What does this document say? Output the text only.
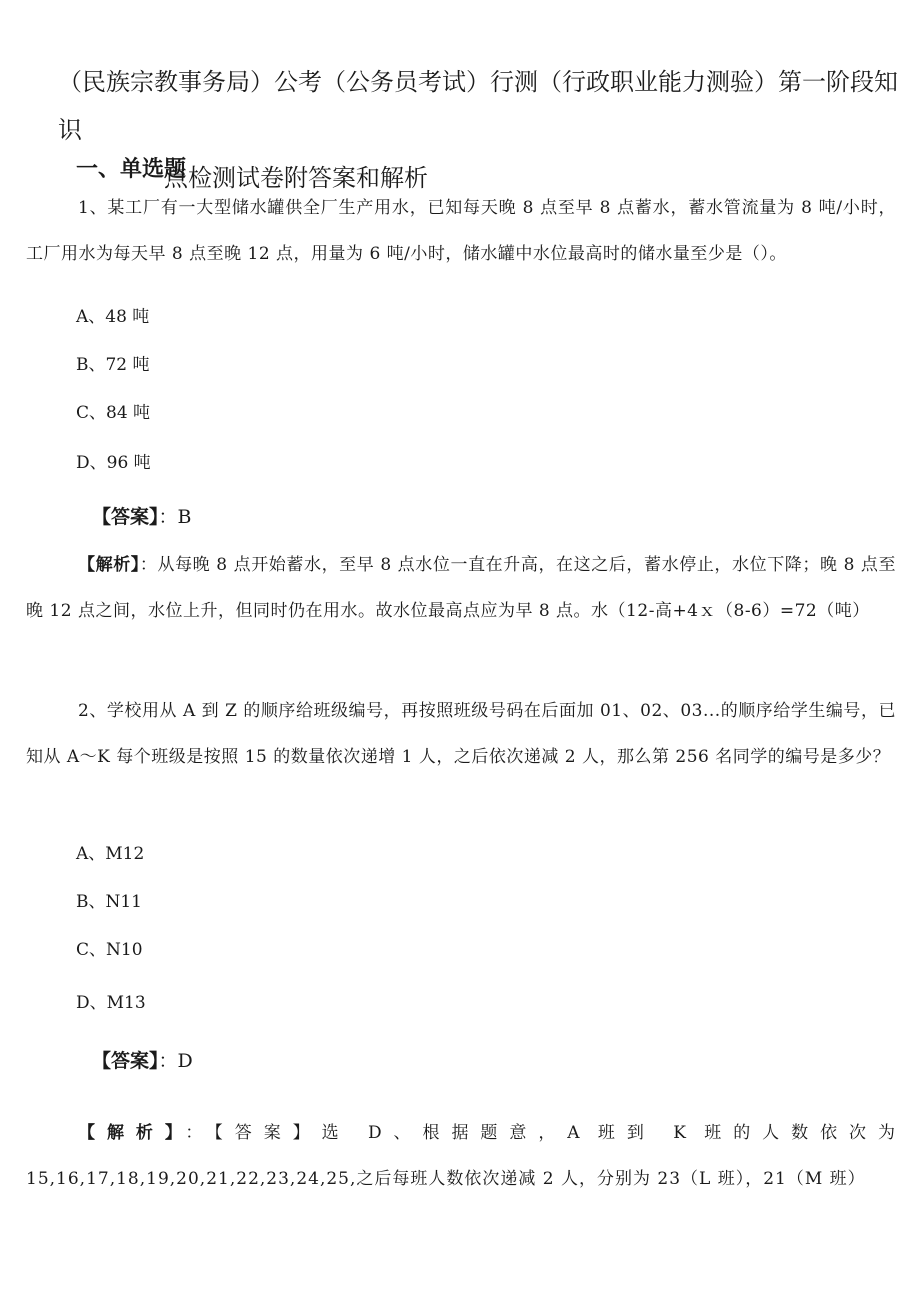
（民族宗教事务局）公考（公务员考试）行测（行政职业能力测验）第一阶段知识
点检测试卷附答案和解析
一、单选题
1、某工厂有一大型储水罐供全厂生产用水，已知每天晚 8 点至早 8 点蓄水，蓄水管流量为 8 吨/小时，工厂用水为每天早 8 点至晚 12 点，用量为 6 吨/小时，储水罐中水位最高时的储水量至少是（）。
A、48 吨
B、72 吨
C、84 吨
D、96 吨
【答案】：B
【解析】：从每晚 8 点开始蓄水，至早 8 点水位一直在升高，在这之后，蓄水停止，水位下降；晚 8 点至晚 12 点之间，水位上升，但同时仍在用水。故水位最高点应为早 8 点。水（12-高+4ｘ（8-6）=72（吨）
2、学校用从 A 到 Z 的顺序给班级编号，再按照班级号码在后面加 01、02、03...的顺序给学生编号，已知从 A～K 每个班级是按照 15 的数量依次递增 1 人，之后依次递减 2 人，那么第 256 名同学的编号是多少？
A、M12
B、N11
C、N10
D、M13
【答案】：D
【解析】：【答案】选 D、根据题意，A 班到 K 班的人数依次为 15,16,17,18,19,20,21,22,23,24,25,之后每班人数依次递减 2 人，分别为 23（L 班），21（M 班）
